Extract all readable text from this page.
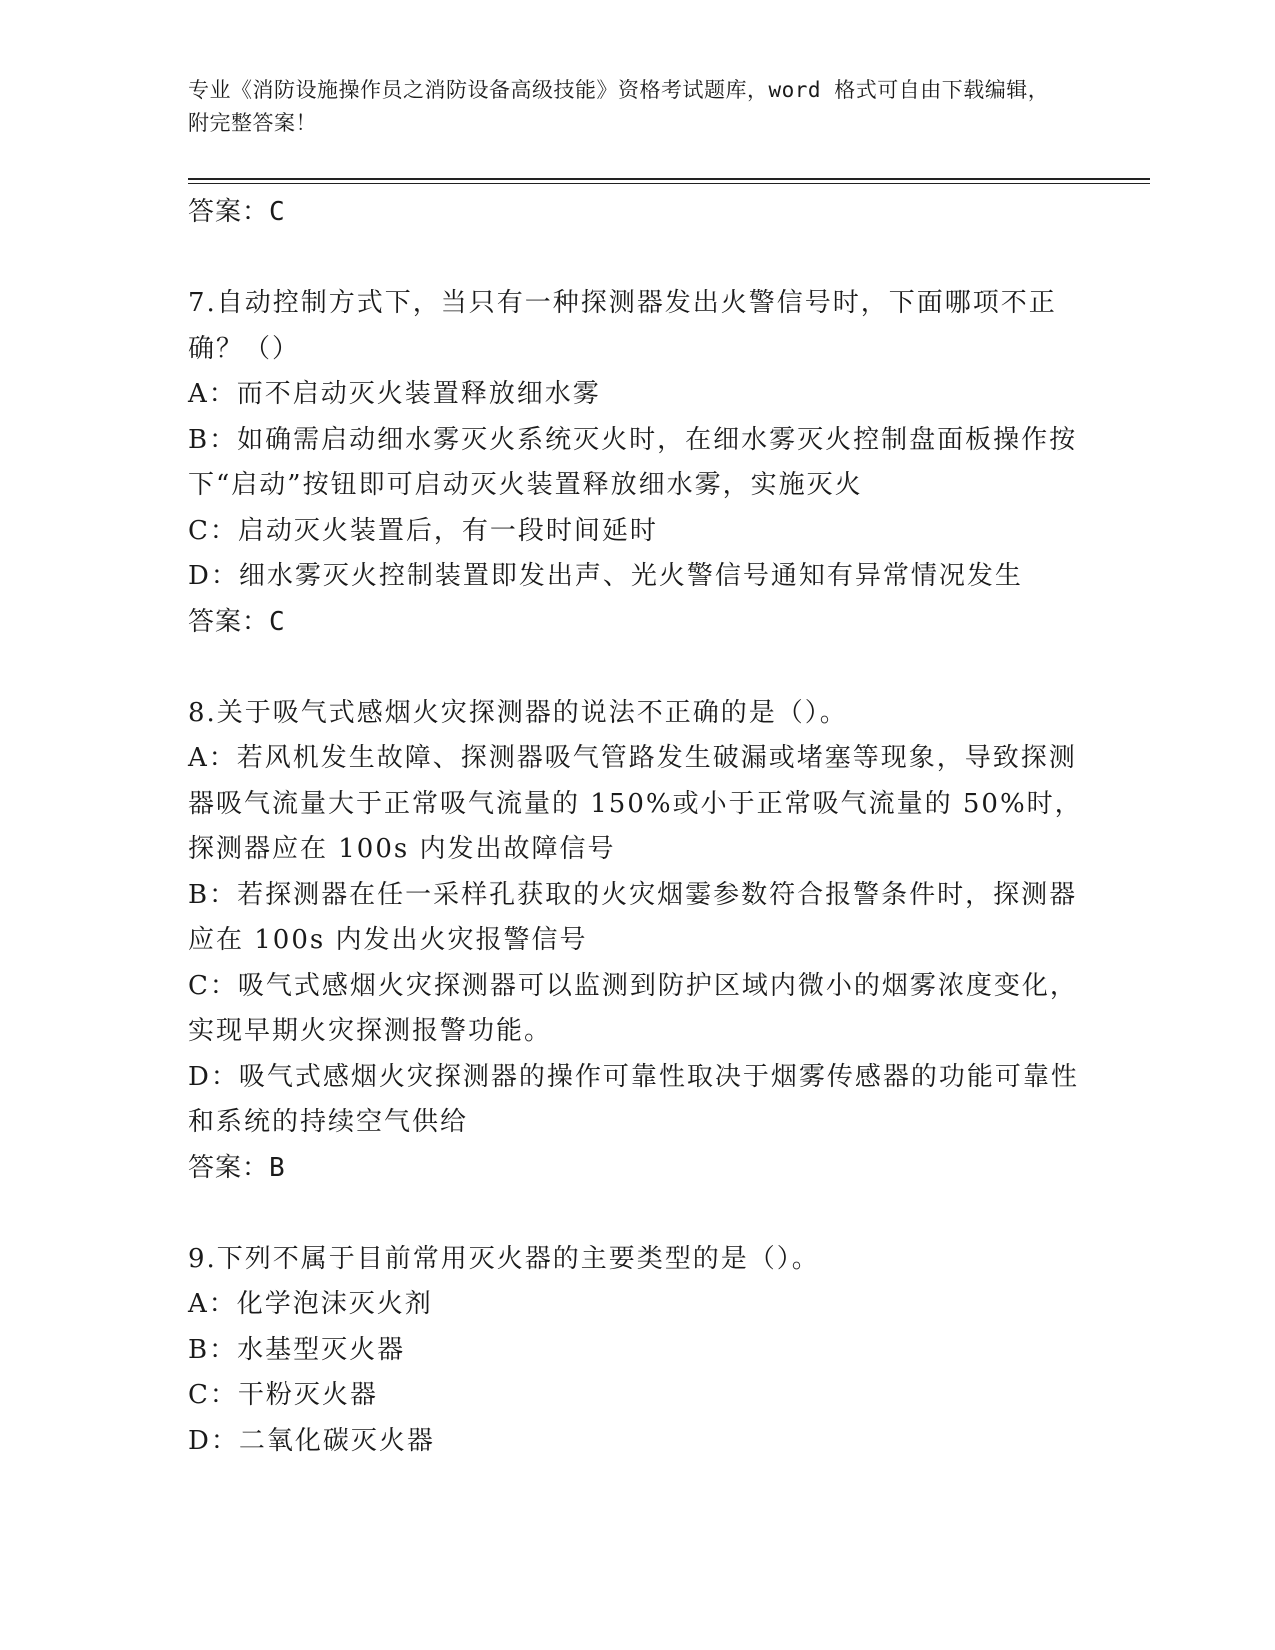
专业《消防设施操作员之消防设备高级技能》资格考试题库，word 格式可自由下载编辑，附完整答案！
答案：C
7.自动控制方式下，当只有一种探测器发出火警信号时，下面哪项不正确？（）
A：而不启动灭火装置释放细水雾
B：如确需启动细水雾灭火系统灭火时，在细水雾灭火控制盘面板操作按下“启动”按钮即可启动灭火装置释放细水雾，实施灭火
C：启动灭火装置后，有一段时间延时
D：细水雾灭火控制装置即发出声、光火警信号通知有异常情况发生
答案：C
8.关于吸气式感烟火灾探测器的说法不正确的是（）。
A：若风机发生故障、探测器吸气管路发生破漏或堵塞等现象，导致探测器吸气流量大于正常吸气流量的 150%或小于正常吸气流量的 50%时，探测器应在 100s 内发出故障信号
B：若探测器在任一采样孔获取的火灾烟霎参数符合报警条件时，探测器应在 100s 内发出火灾报警信号
C：吸气式感烟火灾探测器可以监测到防护区域内微小的烟雾浓度变化，实现早期火灾探测报警功能。
D：吸气式感烟火灾探测器的操作可靠性取决于烟雾传感器的功能可靠性和系统的持续空气供给
答案：B
9.下列不属于目前常用灭火器的主要类型的是（）。
A：化学泡沫灭火剂
B：水基型灭火器
C：干粉灭火器
D：二氧化碳灭火器
